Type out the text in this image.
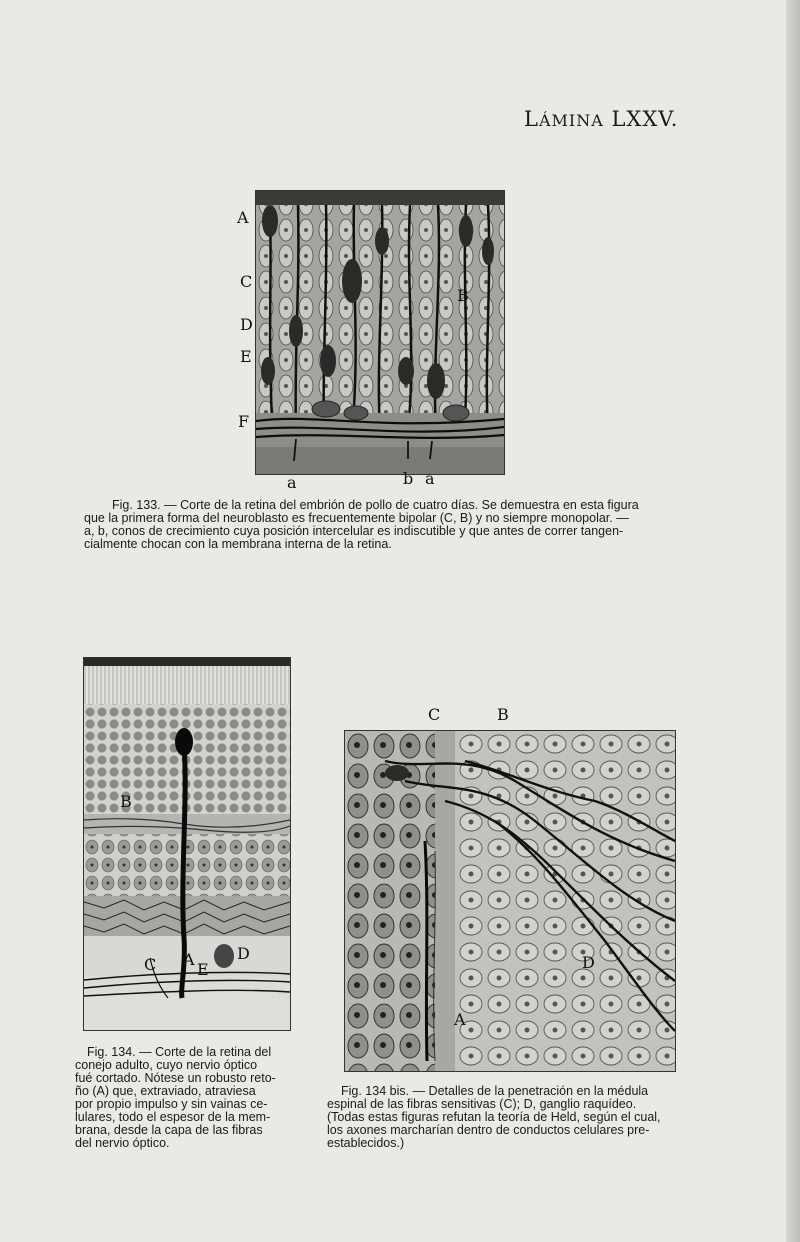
LÁMINA LXXV.
A
C
D
E
F
B
a	b a

Fig. 133. — Corte de la retina del embrión de pollo de cuatro días. Se demuestra en esta figura

que la primera forma del neuroblasto es frecuentemente bipolar (C, B) y no siempre monopolar. —

a, b, conos de crecimiento cuya posición intercelular es indiscutible y que antes de correr tangen-

cialmente chocan con la membrana interna de la retina.

B
C A
E
D

Fig. 134. — Corte de la retina del

conejo adulto, cuyo nervio óptico

fué cortado. Nótese un robusto reto-

ño (A) que, extraviado, atraviesa

por propio impulso y sin vainas ce-

lulares, todo el espesor de la mem-

brana, desde la capa de las fibras

del nervio óptico.

C	B
A
D

Fig. 134 bis. — Detalles de la penetración en la médula

espinal de las fibras sensitivas (C); D, ganglio raquídeo.

(Todas estas figuras refutan la teoría de Held, según el cual,

los axones marcharían dentro de conductos celulares pre-

establecidos.)
